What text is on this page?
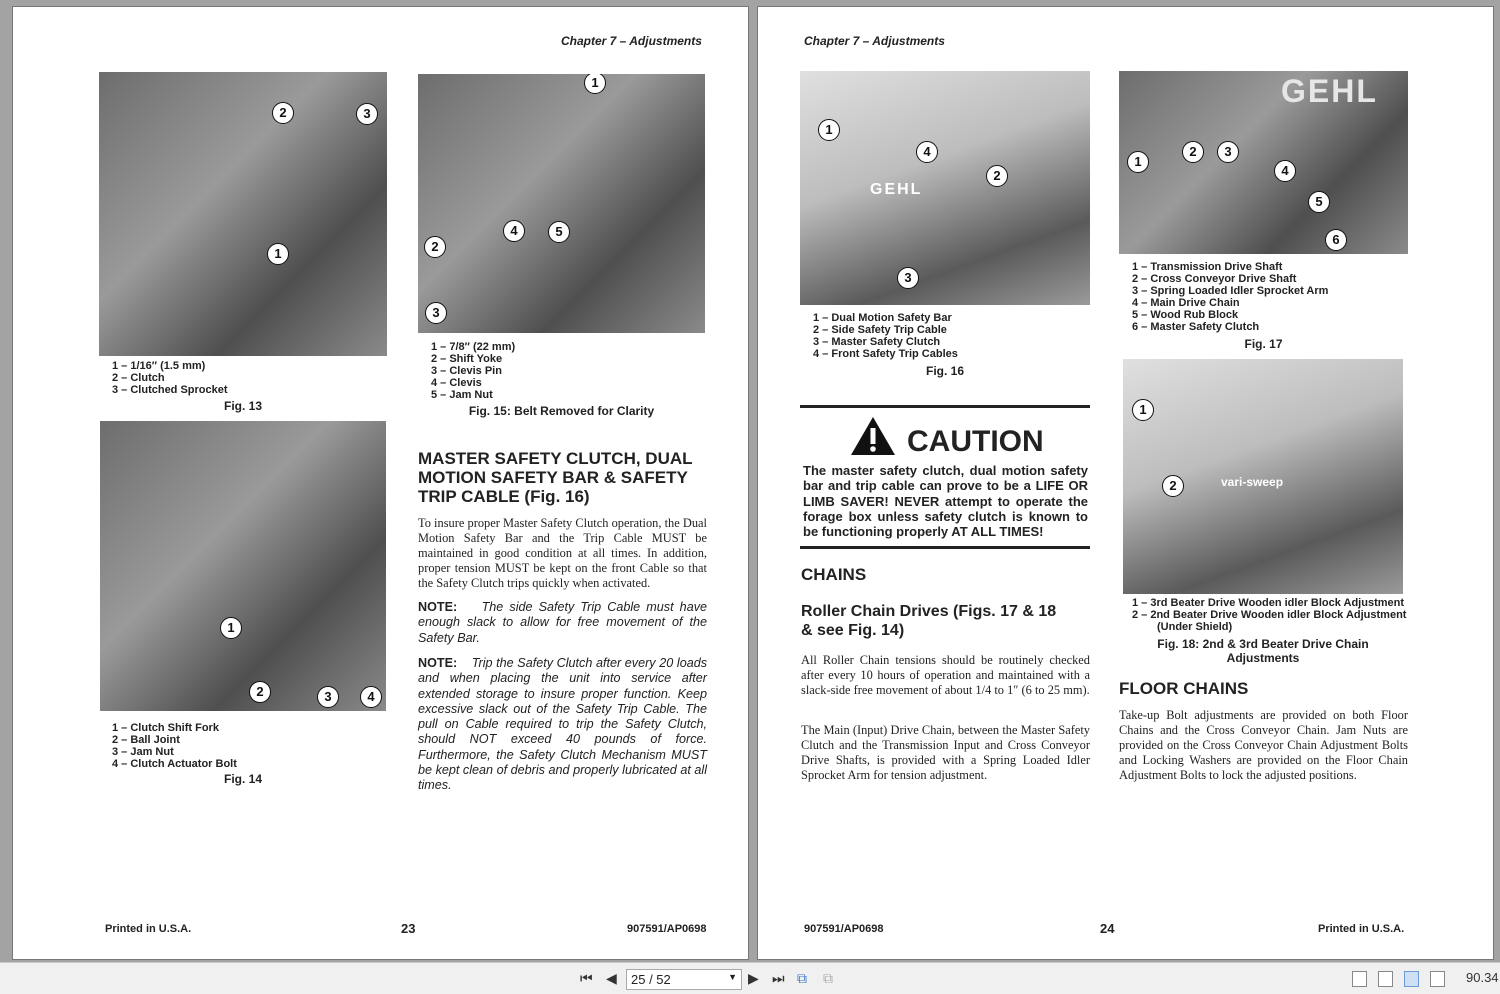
Chapter 7 – Adjustments
2	3
1
1 – 1/16″ (1.5 mm)
2 – Clutch
3 – Clutched Sprocket
Fig. 13
1
2
4	5
3
1 – 7/8″ (22 mm)
2 – Shift Yoke
3 – Clevis Pin
4 – Clevis
5 – Jam Nut
Fig. 15: Belt Removed for Clarity
1
2	3	4
1 – Clutch Shift Fork
2 – Ball Joint
3 – Jam Nut
4 – Clutch Actuator Bolt
Fig. 14
MASTER SAFETY CLUTCH, DUAL MOTION SAFETY BAR & SAFETY TRIP CABLE (Fig. 16)
To insure proper Master Safety Clutch operation, the Dual Motion Safety Bar and the Trip Cable MUST be maintained in good condition at all times. In addition, proper tension MUST be kept on the front Cable so that the Safety Clutch trips quickly when activated.
NOTE: The side Safety Trip Cable must have enough slack to allow for free movement of the Safety Bar.
NOTE: Trip the Safety Clutch after every 20 loads and when placing the unit into service after extended storage to insure proper function. Keep excessive slack out of the Safety Trip Cable. The pull on Cable required to trip the Safety Clutch, should NOT exceed 40 pounds of force. Furthermore, the Safety Clutch Mechanism MUST be kept clean of debris and properly lubricated at all times.
Printed in U.S.A.	23	907591/AP0698
Chapter 7 – Adjustments
GEHL
1
4
2
3
1 – Dual Motion Safety Bar
2 – Side Safety Trip Cable
3 – Master Safety Clutch
4 – Front Safety Trip Cables
Fig. 16
GEHL
1
2	3
4
5
6
1 – Transmission Drive Shaft
2 – Cross Conveyor Drive Shaft
3 – Spring Loaded Idler Sprocket Arm
4 – Main Drive Chain
5 – Wood Rub Block
6 – Master Safety Clutch
Fig. 17
vari-sweep
1
2
1 – 3rd Beater Drive Wooden idler Block Adjustment
2 – 2nd Beater Drive Wooden idler Block Adjustment
(Under Shield)
Fig. 18: 2nd & 3rd Beater Drive Chain Adjustments
CAUTION
The master safety clutch, dual motion safety bar and trip cable can prove to be a LIFE OR LIMB SAVER! NEVER attempt to operate the forage box unless safety clutch is known to be functioning properly AT ALL TIMES!
CHAINS
Roller Chain Drives (Figs. 17 & 18 & see Fig. 14)
All Roller Chain tensions should be routinely checked after every 10 hours of operation and maintained with a slack-side free movement of about 1/4 to 1″ (6 to 25 mm).
The Main (Input) Drive Chain, between the Master Safety Clutch and the Transmission Input and Cross Conveyor Drive Shafts, is provided with a Spring Loaded Idler Sprocket Arm for tension adjustment.
FLOOR CHAINS
Take-up Bolt adjustments are provided on both Floor Chains and the Cross Conveyor Chain. Jam Nuts are provided on the Cross Conveyor Chain Adjustment Bolts and Locking Washers are provided on the Floor Chain Adjustment Bolts to lock the adjusted positions.
907591/AP0698	24	Printed in U.S.A.
⏮ ◀	25 / 52	▼ ▶ ⏭ ⧉ ⧉	90.34
